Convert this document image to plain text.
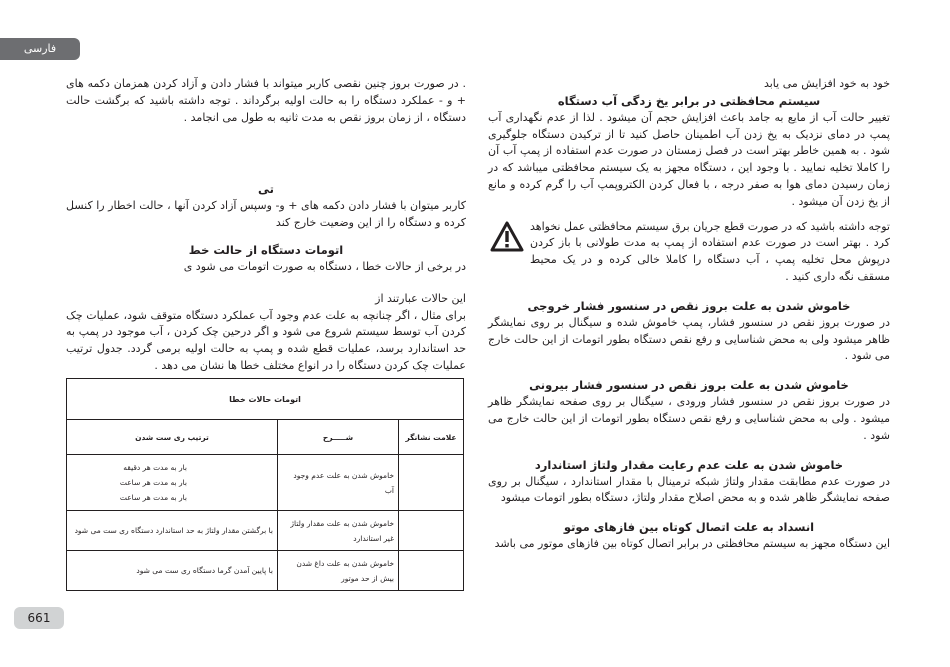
فارسی

. در صورت بروز چنین نقصی کاربر میتواند با فشار دادن و آزاد کردن همزمان دکمه های + و - عملکرد دستگاه را به حالت اولیه برگرداند . توجه داشته باشید که برگشت حالت دستگاه ، از زمان بروز نقص به مدت ثانیه به طول می انجامد .

تی

کاربر میتوان با فشار دادن دکمه های + و- وسپس آزاد کردن آنها ، حالت اخطار را کنسل کرده و دستگاه را از این وضعیت خارج کند

اتومات دستگاه از حالت خط

در برخی از حالات خطا ، دستگاه به صورت اتومات می شود ی

این حالات عبارتند از

برای مثال ، اگر چنانچه به علت عدم وجود آب عملکرد دستگاه متوقف شود، عملیات چک کردن آب توسط سیستم شروع می شود و اگر درحین چک کردن ، آب موجود در پمپ به حد استاندارد برسد، عملیات قطع شده و پمپ به حالت اولیه برمی گردد. جدول ترتیب عملیات چک کردن دستگاه را در انواع مختلف خطا ها نشان می دهد .

اتومات حالات خطا		
علامت نشانگر	شـــــرح	ترتیب ری ست شدن
	خاموش شدن به علت عدم وجود آب	بار به مدت هر دقیقه
بار به مدت هر ساعت
بار به مدت هر ساعت

	خاموش شدن به علت مقدار ولتاژ غیر استاندارد	با برگشتن مقدار ولتاژ به حد استاندارد دستگاه ری ست می شود
	خاموش شدن به علت داغ شدن بیش از حد موتور	با پایین آمدن گرما دستگاه ری ست می شود

خود به خود افزایش می یابد

سیستم محافظتی در برابر یخ زدگی آب دستگاه

تغییر حالت آب از مایع به جامد باعث افزایش حجم آن میشود . لذا از عدم نگهداری آب پمپ در دمای نزدیک به یخ زدن آب اطمینان حاصل کنید تا از ترکیدن دستگاه جلوگیری شود . به همین خاطر بهتر است در فصل زمستان در صورت عدم استفاده از پمپ آب آن را کاملا تخلیه نمایید . با وجود این ، دستگاه مجهز به یک سیستم محافظتی میباشد که در زمان رسیدن دمای هوا به صفر درجه ، با فعال کردن الکتروپمپ آب را گرم کرده و مانع از یخ زدن آن میشود .

توجه داشته باشید که در صورت قطع جریان برق سیستم محافظتی عمل نخواهد کرد . بهتر است در صورت عدم استفاده از پمپ به مدت طولانی با باز کردن درپوش محل تخلیه پمپ ، آب دستگاه را کاملا خالی کرده و در یک محیط مسقف نگه داری کنید .

خاموش شدن به علت بروز نقص در سنسور فشار خروجی

در صورت بروز نقص در سنسور فشار، پمپ خاموش شده و سیگنال بر روی نمایشگر ظاهر میشود ولی به محض شناسایی و رفع نقص دستگاه بطور اتومات از این حالت خارج می شود .

خاموش شدن به علت بروز نقص در سنسور فشار بیرونی

در صورت بروز نقص در سنسور فشار ورودی ، سیگنال بر روی صفحه نمایشگر ظاهر میشود . ولی به محض شناسایی و رفع نقص دستگاه بطور اتومات از این حالت خارج می شود .

خاموش شدن به علت عدم رعایت مقدار ولتاژ استاندارد

در صورت عدم مطابقت مقدار ولتاژ شبکه ترمینال با مقدار استاندارد ، سیگنال بر روی صفحه نمایشگر ظاهر شده و به محض اصلاح مقدار ولتاژ، دستگاه بطور اتومات میشود

انسداد به علت اتصال کوتاه بین فازهای موتو

این دستگاه مجهز به سیستم محافظتی در برابر اتصال کوتاه بین فازهای موتور می باشد

661
